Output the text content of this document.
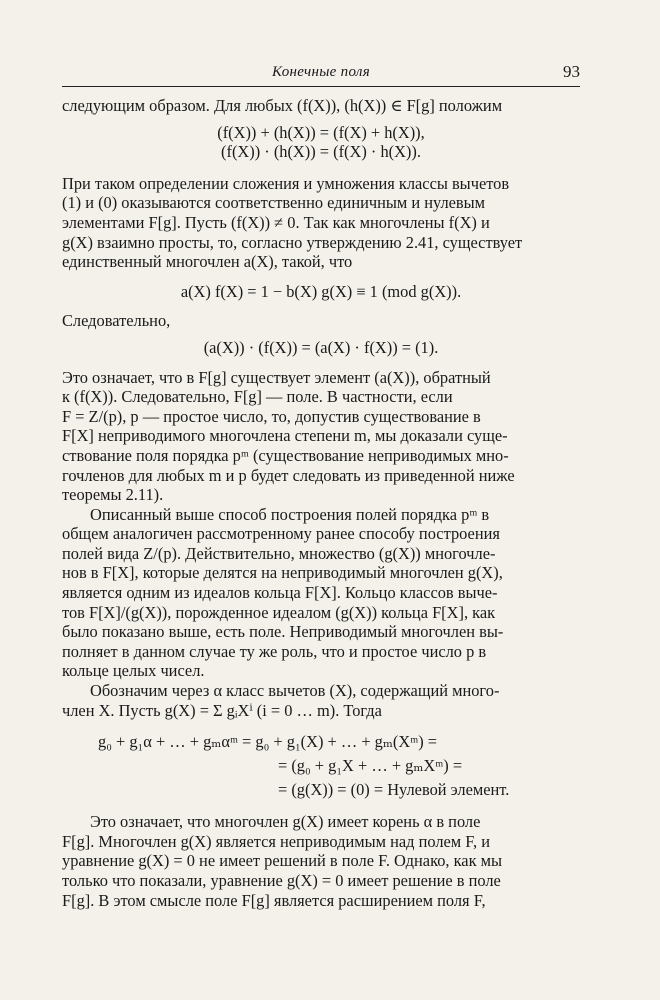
Конечные поля	93

следующим образом. Для любых (f(X)), (h(X)) ∈ F[g] положим

(f(X)) + (h(X)) = (f(X) + h(X)),

(f(X)) · (h(X)) = (f(X) · h(X)).

При таком определении сложения и умножения классы вычетов

(1) и (0) оказываются соответственно единичным и нулевым

элементами F[g]. Пусть (f(X)) ≠ 0. Так как многочлены f(X) и

g(X) взаимно просты, то, согласно утверждению 2.41, существует

единственный многочлен a(X), такой, что

a(X) f(X) = 1 − b(X) g(X) ≡ 1 (mod g(X)).

Следовательно,

(a(X)) · (f(X)) = (a(X) · f(X)) = (1).

Это означает, что в F[g] существует элемент (a(X)), обратный

к (f(X)). Следовательно, F[g] — поле. В частности, если

F = Z/(p), p — простое число, то, допустив существование в

F[X] неприводимого многочлена степени m, мы доказали суще-

ствование поля порядка pᵐ (существование неприводимых мно-

гочленов для любых m и p будет следовать из приведенной ниже

теоремы 2.11).

Описанный выше способ построения полей порядка pᵐ в

общем аналогичен рассмотренному ранее способу построения

полей вида Z/(p). Действительно, множество (g(X)) многочле-

нов в F[X], которые делятся на неприводимый многочлен g(X),

является одним из идеалов кольца F[X]. Кольцо классов выче-

тов F[X]/(g(X)), порожденное идеалом (g(X)) кольца F[X], как

было показано выше, есть поле. Неприводимый многочлен вы-

полняет в данном случае ту же роль, что и простое число p в

кольце целых чисел.

Обозначим через α класс вычетов (X), содержащий много-

член X. Пусть g(X) = Σ gᵢXⁱ (i = 0 … m). Тогда

g₀ + g₁α + … + gₘαᵐ = g₀ + g₁(X) + … + gₘ(Xᵐ) =
= (g₀ + g₁X + … + gₘXᵐ) =
= (g(X)) = (0) = Нулевой элемент.

Это означает, что многочлен g(X) имеет корень α в поле

F[g]. Многочлен g(X) является неприводимым над полем F, и

уравнение g(X) = 0 не имеет решений в поле F. Однако, как мы

только что показали, уравнение g(X) = 0 имеет решение в поле

F[g]. В этом смысле поле F[g] является расширением поля F,
